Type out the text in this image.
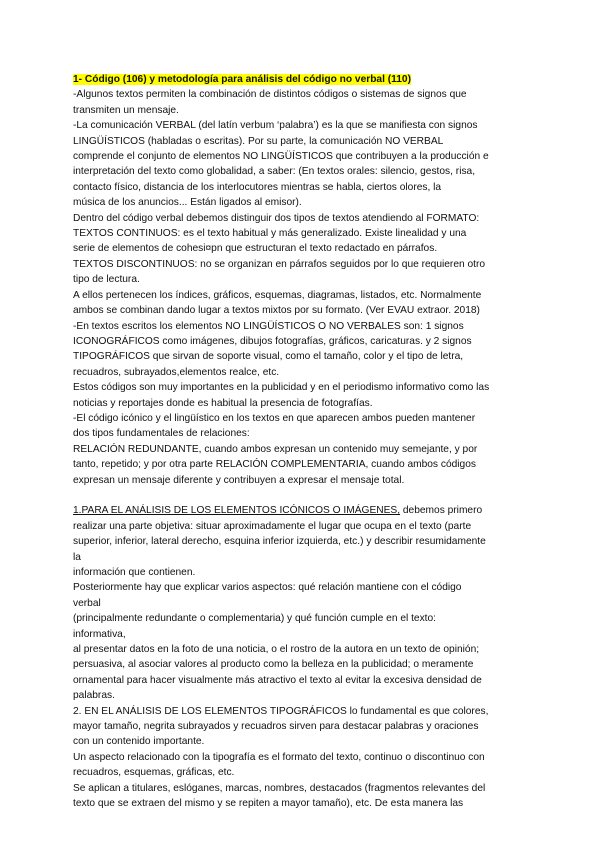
1- Código (106) y metodología para análisis del código no verbal (110)
-Algunos textos permiten la combinación de distintos códigos o sistemas de signos que
transmiten un mensaje.
-La comunicación VERBAL (del latín verbum ‘palabra’) es la que se manifiesta con signos
LINGÜÍSTICOS (habladas o escritas). Por su parte, la comunicación NO VERBAL
comprende el conjunto de elementos NO LINGÜÍSTICOS que contribuyen a la producción e
interpretación del texto como globalidad, a saber: (En textos orales: silencio, gestos, risa,
contacto físico, distancia de los interlocutores mientras se habla, ciertos olores, la
música de los anuncios... Están ligados al emisor).
Dentro del código verbal debemos distinguir dos tipos de textos atendiendo al FORMATO:
TEXTOS CONTINUOS: es el texto habitual y más generalizado. Existe linealidad y una
serie de elementos de cohesi¤pn que estructuran el texto redactado en párrafos.
TEXTOS DISCONTINUOS: no se organizan en párrafos seguidos por lo que requieren otro
tipo de lectura.
A ellos pertenecen los índices, gráficos, esquemas, diagramas, listados, etc. Normalmente
ambos se combinan dando lugar a textos mixtos por su formato. (Ver EVAU extraor. 2018)
-En textos escritos los elementos NO LINGÜÍSTICOS O NO VERBALES son: 1 signos
ICONOGRÁFICOS como imágenes, dibujos fotografías, gráficos, caricaturas. y 2 signos
TIPOGRÁFICOS que sirvan de soporte visual, como el tamaño, color y el tipo de letra,
recuadros, subrayados,elementos realce, etc.
Estos códigos son muy importantes en la publicidad y en el periodismo informativo como las
noticias y reportajes donde es habitual la presencia de fotografías.
-El código icónico y el lingüístico en los textos en que aparecen ambos pueden mantener
dos tipos fundamentales de relaciones:
RELACIÓN REDUNDANTE, cuando ambos expresan un contenido muy semejante, y por
tanto, repetido; y por otra parte RELACIÓN COMPLEMENTARIA, cuando ambos códigos
expresan un mensaje diferente y contribuyen a expresar el mensaje total.
1.PARA EL ANÁLISIS DE LOS ELEMENTOS ICÓNICOS O IMÁGENES, debemos primero
realizar una parte objetiva: situar aproximadamente el lugar que ocupa en el texto (parte
superior, inferior, lateral derecho, esquina inferior izquierda, etc.) y describir resumidamente
la
información que contienen.
Posteriormente hay que explicar varios aspectos: qué relación mantiene con el código
verbal
(principalmente redundante o complementaria) y qué función cumple en el texto:
informativa,
al presentar datos en la foto de una noticia, o el rostro de la autora en un texto de opinión;
persuasiva, al asociar valores al producto como la belleza en la publicidad; o meramente
ornamental para hacer visualmente más atractivo el texto al evitar la excesiva densidad de
palabras.
2. EN EL ANÁLISIS DE LOS ELEMENTOS TIPOGRÁFICOS lo fundamental es que colores,
mayor tamaño, negrita subrayados y recuadros sirven para destacar palabras y oraciones
con un contenido importante.
Un aspecto relacionado con la tipografía es el formato del texto, continuo o discontinuo con
recuadros, esquemas, gráficas, etc.
Se aplican a titulares, eslóganes, marcas, nombres, destacados (fragmentos relevantes del
texto que se extraen del mismo y se repiten a mayor tamaño), etc. De esta manera las
